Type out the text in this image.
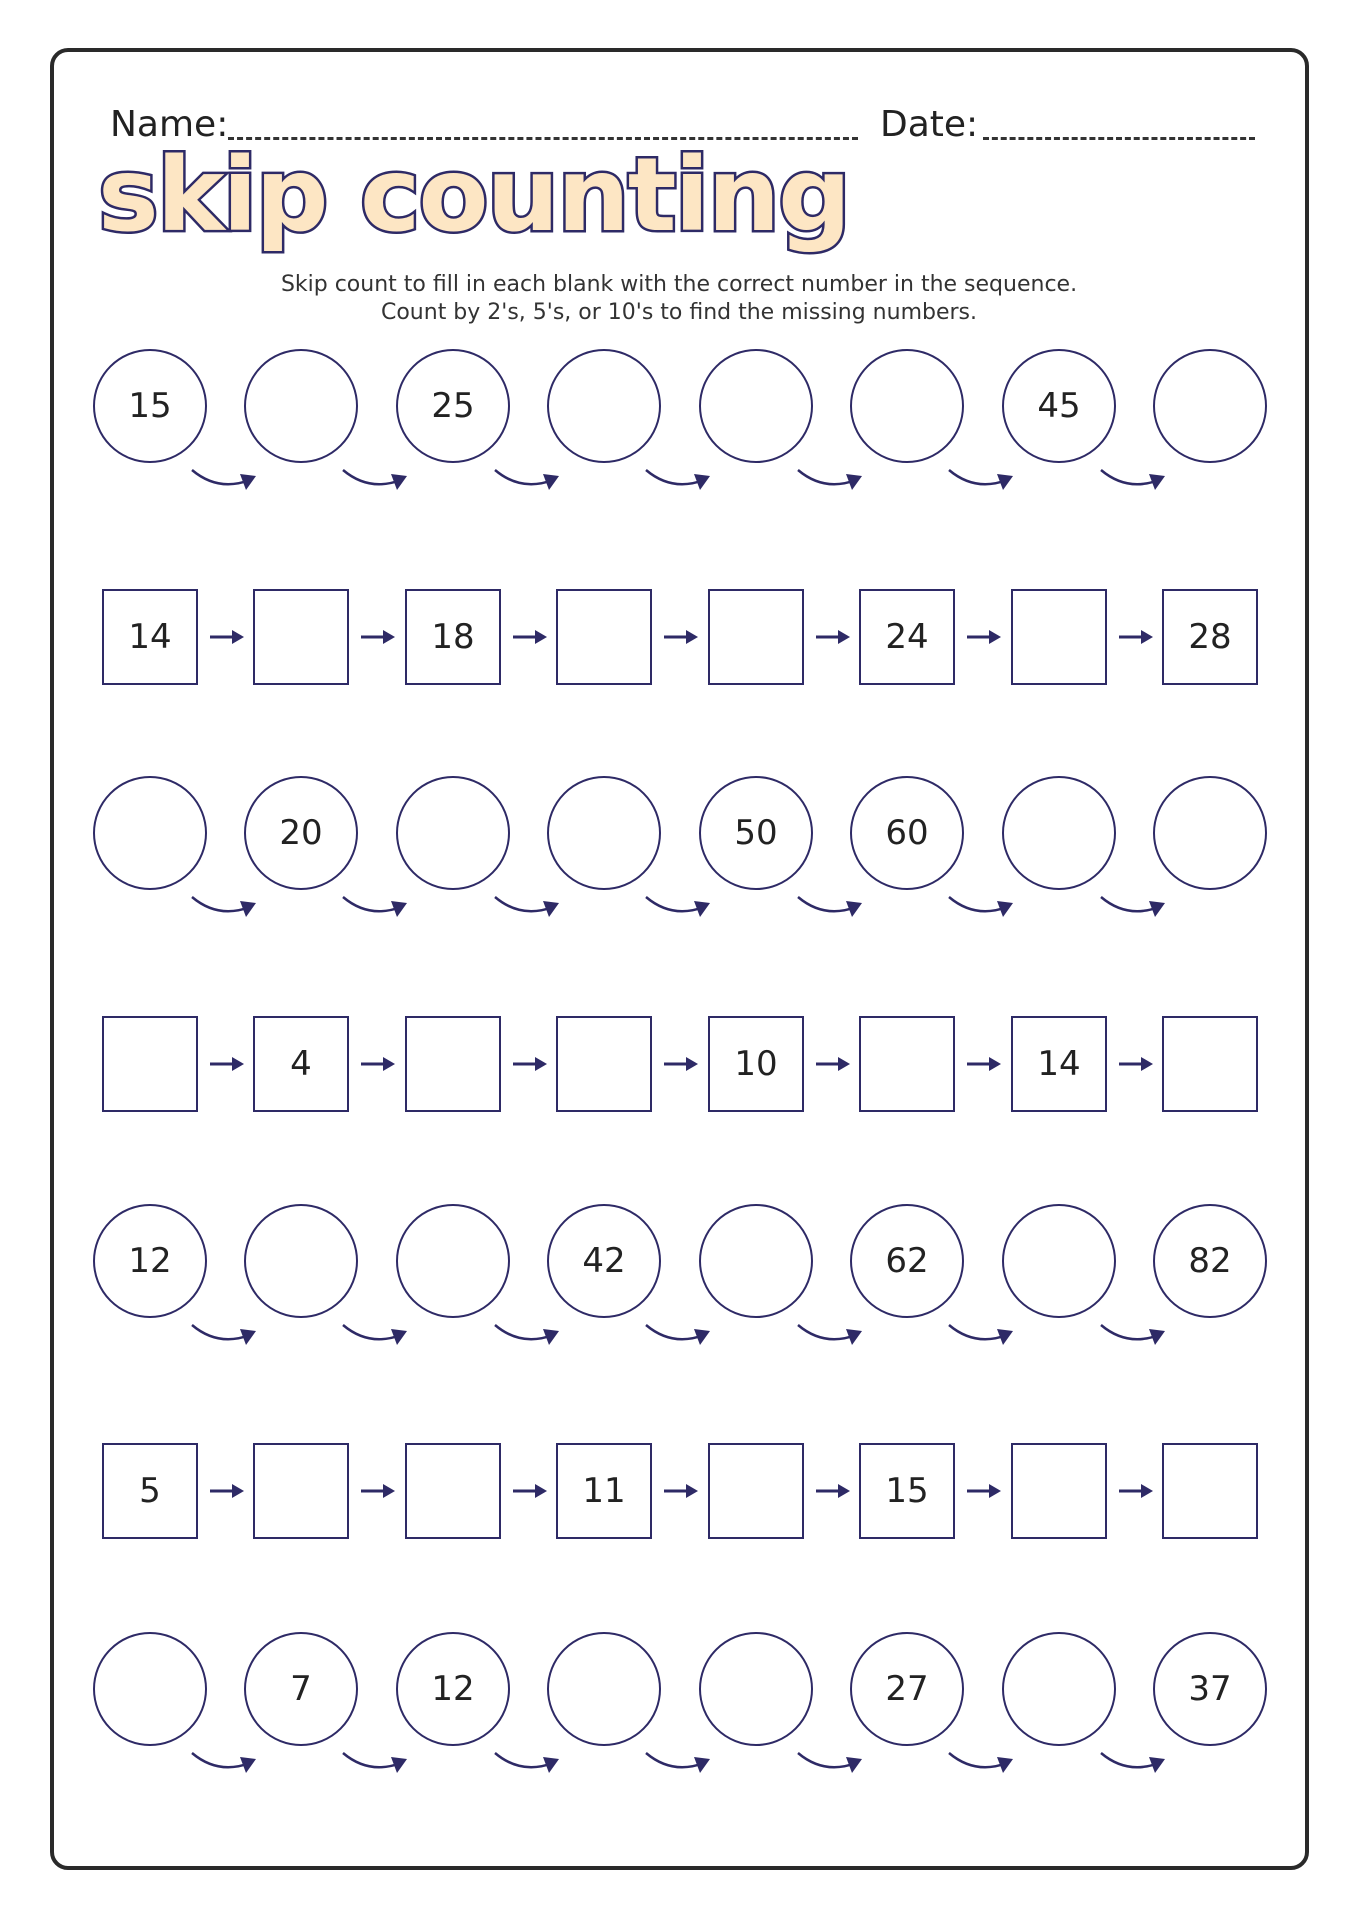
Name:	Date:
skip counting
Skip count to fill in each blank with the correct number in the sequence.
Count by 2's, 5's, or 10's to find the missing numbers.
15	25	45
14	18	24	28
20	50	60
4	10	14
12	42	62	82
5	11	15
7	12	27	37
